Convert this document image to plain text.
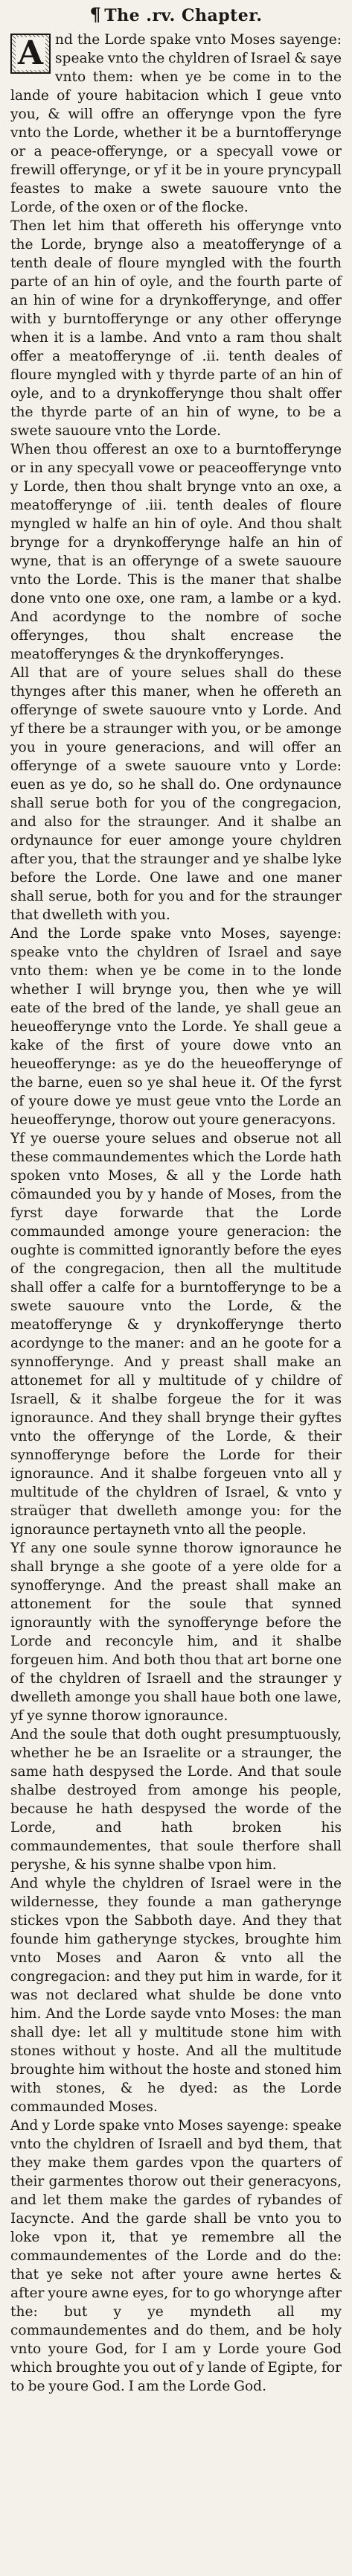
¶ The .rv. Chapter.

A nd the Lorde spake vnto Moses sayenge: speake vnto the chyldren of Israel & saye vnto them: when ye be come in to the lande of youre habitacion which I geue vnto you, & will offre an offerynge vpon the fyre vnto the Lorde, whether it be a burntofferynge or a peace-offerynge, or a specyall vowe or frewill offerynge, or yf it be in youre pryncypall feastes to make a swete sauoure vnto the Lorde, of the oxen or of the flocke.

Then let him that offereth his offerynge vnto the Lorde, brynge also a meatofferynge of a tenth deale of floure myngled with the fourth parte of an hin of oyle, and the fourth parte of an hin of wine for a drynkofferynge, and offer with y burntofferynge or any other offerynge when it is a lambe. And vnto a ram thou shalt offer a meatofferynge of .ii. tenth deales of floure myngled with y thyrde parte of an hin of oyle, and to a drynkofferynge thou shalt offer the thyrde parte of an hin of wyne, to be a swete sauoure vnto the Lorde.

When thou offerest an oxe to a burntofferynge or in any specyall vowe or peaceofferynge vnto y Lorde, then thou shalt brynge vnto an oxe, a meatofferynge of .iii. tenth deales of floure myngled w halfe an hin of oyle. And thou shalt brynge for a drynkofferynge halfe an hin of wyne, that is an offerynge of a swete sauoure vnto the Lorde. This is the maner that shalbe done vnto one oxe, one ram, a lambe or a kyd. And acordynge to the nombre of soche offerynges, thou shalt encrease the meatofferynges & the drynkofferynges.

All that are of youre selues shall do these thynges after this maner, when he offereth an offerynge of swete sauoure vnto y Lorde. And yf there be a straunger with you, or be amonge you in youre generacions, and will offer an offerynge of a swete sauoure vnto y Lorde: euen as ye do, so he shall do. One ordynaunce shall serue both for you of the congregacion, and also for the straunger. And it shalbe an ordynaunce for euer amonge youre chyldren after you, that the straunger and ye shalbe lyke before the Lorde. One lawe and one maner shall serue, both for you and for the straunger that dwelleth with you.

And the Lorde spake vnto Moses, sayenge: speake vnto the chyldren of Israel and saye vnto them: when ye be come in to the londe whether I will brynge you, then whe ye will eate of the bred of the lande, ye shall geue an heueofferynge vnto the Lorde. Ye shall geue a kake of the first of youre dowe vnto an heueofferynge: as ye do the heueofferynge of the barne, euen so ye shal heue it. Of the fyrst of youre dowe ye must geue vnto the Lorde an heueofferynge, thorow out youre generacyons.

Yf ye ouerse youre selues and obserue not all these commaundementes which the Lorde hath spoken vnto Moses, & all y the Lorde hath cömaunded you by y hande of Moses, from the fyrst daye forwarde that the Lorde commaunded amonge youre generacion: the oughte is committed ignorantly before the eyes of the congregacion, then all the multitude shall offer a calfe for a burntofferynge to be a swete sauoure vnto the Lorde, & the meatofferynge & y drynkofferynge therto acordynge to the maner: and an he goote for a synnofferynge. And y preast shall make an attonemet for all y multitude of y childre of Israell, & it shalbe forgeue the for it was ignoraunce. And they shall brynge their gyftes vnto the offerynge of the Lorde, & their synnofferynge before the Lorde for their ignoraunce. And it shalbe forgeuen vnto all y multitude of the chyldren of Israel, & vnto y straüger that dwelleth amonge you: for the ignoraunce pertayneth vnto all the people.

Yf any one soule synne thorow ignoraunce he shall brynge a she goote of a yere olde for a synofferynge. And the preast shall make an attonement for the soule that synned ignorauntly with the synofferynge before the Lorde and reconcyle him, and it shalbe forgeuen him. And both thou that art borne one of the chyldren of Israell and the straunger y dwelleth amonge you shall haue both one lawe, yf ye synne thorow ignoraunce.

And the soule that doth ought presumptuously, whether he be an Israelite or a straunger, the same hath despysed the Lorde. And that soule shalbe destroyed from amonge his people, because he hath despysed the worde of the Lorde, and hath broken his commaundementes, that soule therfore shall peryshe, & his synne shalbe vpon him.

And whyle the chyldren of Israel were in the wildernesse, they founde a man gatherynge stickes vpon the Sabboth daye. And they that founde him gatherynge styckes, broughte him vnto Moses and Aaron & vnto all the congregacion: and they put him in warde, for it was not declared what shulde be done vnto him. And the Lorde sayde vnto Moses: the man shall dye: let all y multitude stone him with stones without y hoste. And all the multitude broughte him without the hoste and stoned him with stones, & he dyed: as the Lorde commaunded Moses.

And y Lorde spake vnto Moses sayenge: speake vnto the chyldren of Israell and byd them, that they make them gardes vpon the quarters of their garmentes thorow out their generacyons, and let them make the gardes of rybandes of Iacyncte. And the garde shall be vnto you to loke vpon it, that ye remembre all the commaundementes of the Lorde and do the: that ye seke not after youre awne hertes & after youre awne eyes, for to go whorynge after the: but y ye myndeth all my commaundementes and do them, and be holy vnto youre God, for I am y Lorde youre God which broughte you out of y lande of Egipte, for to be youre God. I am the Lorde God.
